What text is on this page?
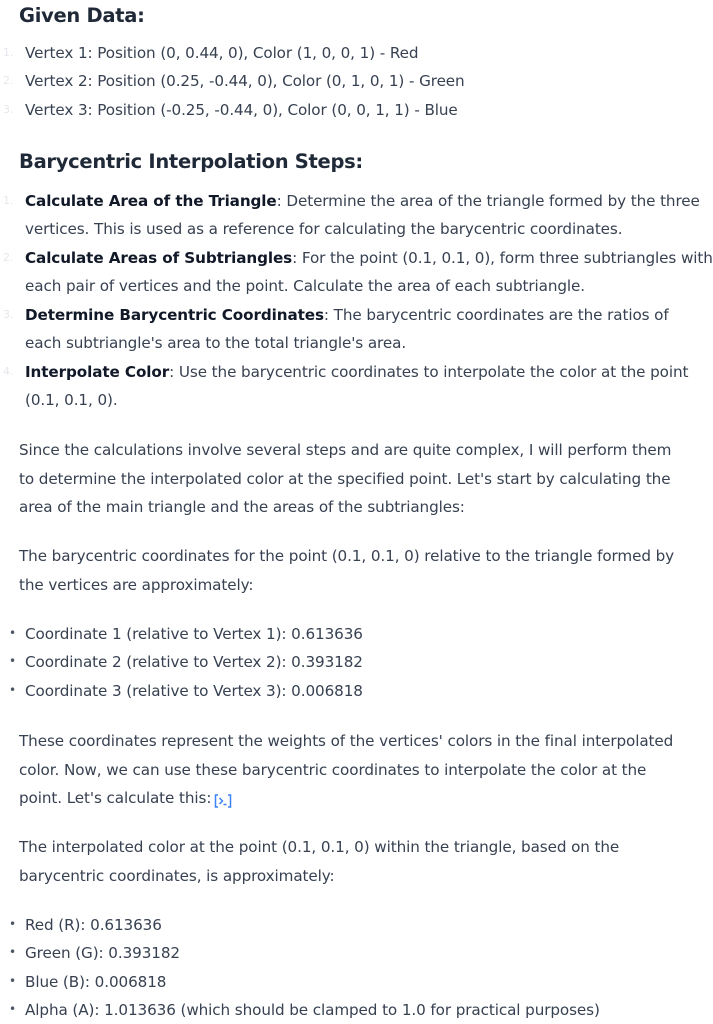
Given Data:
1. Vertex 1: Position (0, 0.44, 0), Color (1, 0, 0, 1) - Red
2. Vertex 2: Position (0.25, -0.44, 0), Color (0, 1, 0, 1) - Green
3. Vertex 3: Position (-0.25, -0.44, 0), Color (0, 0, 1, 1) - Blue
Barycentric Interpolation Steps:
1. Calculate Area of the Triangle: Determine the area of the triangle formed by the three
vertices. This is used as a reference for calculating the barycentric coordinates.
2. Calculate Areas of Subtriangles: For the point (0.1, 0.1, 0), form three subtriangles with
each pair of vertices and the point. Calculate the area of each subtriangle.
3. Determine Barycentric Coordinates: The barycentric coordinates are the ratios of
each subtriangle's area to the total triangle's area.
4. Interpolate Color: Use the barycentric coordinates to interpolate the color at the point
(0.1, 0.1, 0).
Since the calculations involve several steps and are quite complex, I will perform them
to determine the interpolated color at the specified point. Let's start by calculating the
area of the main triangle and the areas of the subtriangles:
The barycentric coordinates for the point (0.1, 0.1, 0) relative to the triangle formed by
the vertices are approximately:
• Coordinate 1 (relative to Vertex 1): 0.613636
• Coordinate 2 (relative to Vertex 2): 0.393182
• Coordinate 3 (relative to Vertex 3): 0.006818
These coordinates represent the weights of the vertices' colors in the final interpolated
color. Now, we can use these barycentric coordinates to interpolate the color at the
point. Let's calculate this:
The interpolated color at the point (0.1, 0.1, 0) within the triangle, based on the
barycentric coordinates, is approximately:
• Red (R): 0.613636
• Green (G): 0.393182
• Blue (B): 0.006818
• Alpha (A): 1.013636 (which should be clamped to 1.0 for practical purposes)
